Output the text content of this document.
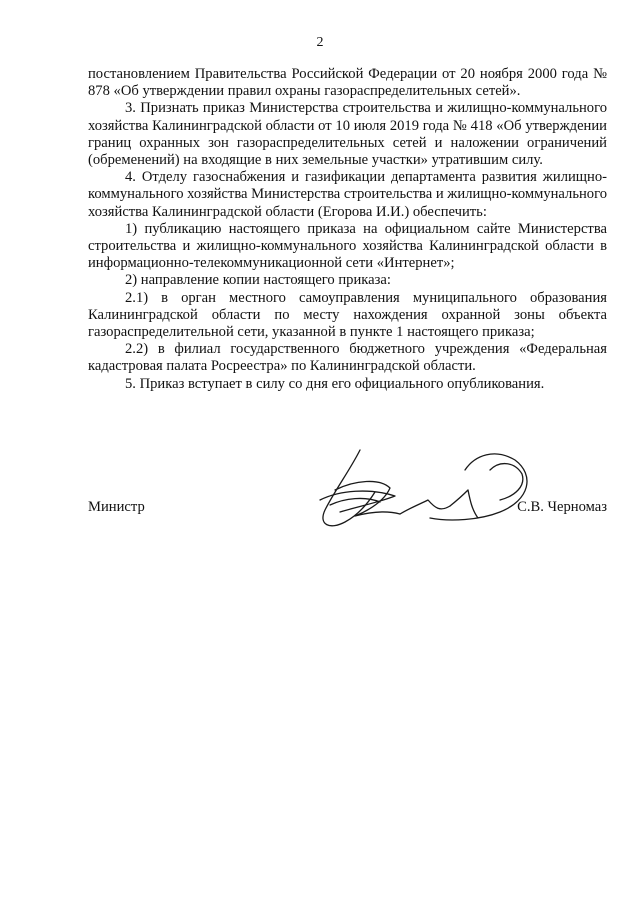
2

постановлением Правительства Российской Федерации от 20 ноября 2000 года № 878 «Об утверждении правил охраны газораспределительных сетей».

3. Признать приказ Министерства строительства и жилищно-коммунального хозяйства Калининградской области от 10 июля 2019 года № 418 «Об утверждении границ охранных зон газораспределительных сетей и наложении ограничений (обременений) на входящие в них земельные участки» утратившим силу.

4. Отделу газоснабжения и газификации департамента развития жилищно-коммунального хозяйства Министерства строительства и жилищно-коммунального хозяйства Калининградской области (Егорова И.И.) обеспечить:

1) публикацию настоящего приказа на официальном сайте Министерства строительства и жилищно-коммунального хозяйства Калининградской области в информационно-телекоммуникационной сети «Интернет»;

2) направление копии настоящего приказа:

2.1) в орган местного самоуправления муниципального образования Калининградской области по месту нахождения охранной зоны объекта газораспределительной сети, указанной в пункте 1 настоящего приказа;

2.2) в филиал государственного бюджетного учреждения «Федеральная кадастровая палата Росреестра» по Калининградской области.

5. Приказ вступает в силу со дня его официального опубликования.

Министр	С.В. Черномаз
